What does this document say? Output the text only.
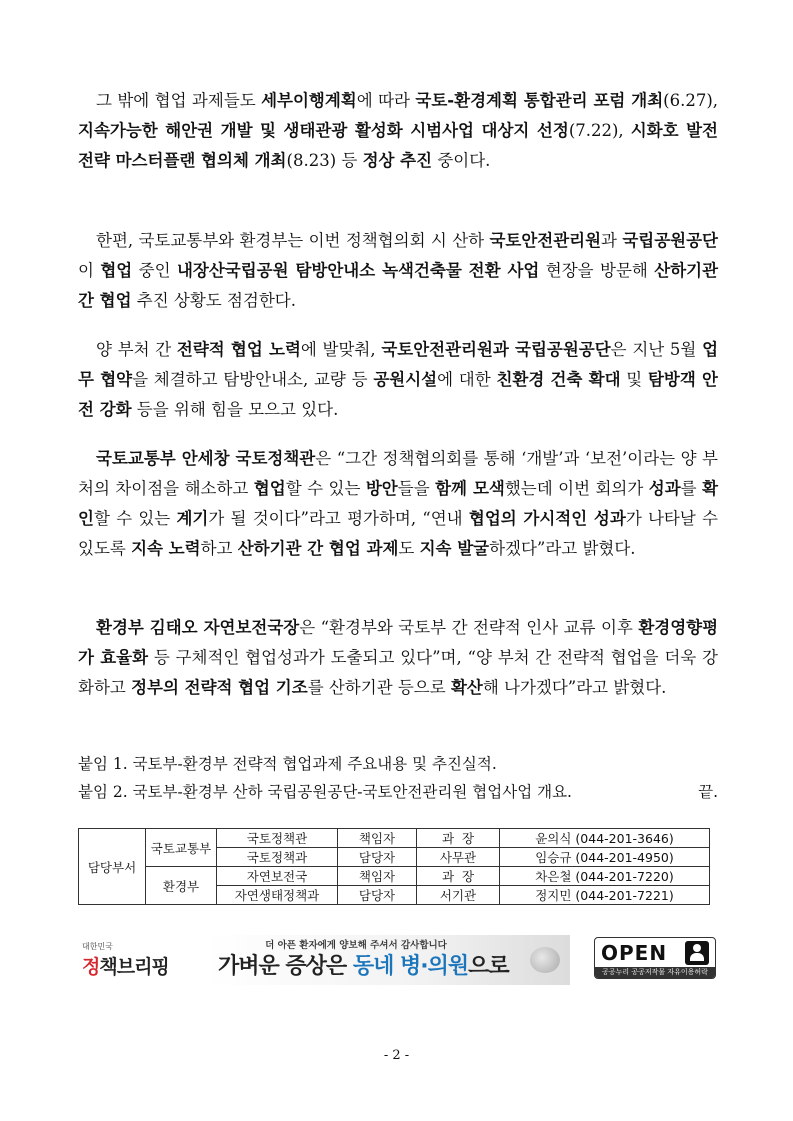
그 밖에 협업 과제들도 세부이행계획에 따라 국토-환경계획 통합관리 포럼 개최(6.27), 지속가능한 해안권 개발 및 생태관광 활성화 시범사업 대상지 선정(7.22), 시화호 발전 전략 마스터플랜 협의체 개최(8.23) 등 정상 추진 중이다.
한편, 국토교통부와 환경부는 이번 정책협의회 시 산하 국토안전관리원과 국립공원공단이 협업 중인 내장산국립공원 탐방안내소 녹색건축물 전환 사업 현장을 방문해 산하기관 간 협업 추진 상황도 점검한다.
양 부처 간 전략적 협업 노력에 발맞춰, 국토안전관리원과 국립공원공단은 지난 5월 업무 협약을 체결하고 탐방안내소, 교량 등 공원시설에 대한 친환경 건축 확대 및 탐방객 안전 강화 등을 위해 힘을 모으고 있다.
국토교통부 안세창 국토정책관은 “그간 정책협의회를 통해 ‘개발’과 ‘보전’이라는 양 부처의 차이점을 해소하고 협업할 수 있는 방안들을 함께 모색했는데 이번 회의가 성과를 확인할 수 있는 계기가 될 것이다”라고 평가하며, “연내 협업의 가시적인 성과가 나타날 수 있도록 지속 노력하고 산하기관 간 협업 과제도 지속 발굴하겠다”라고 밝혔다.
환경부 김태오 자연보전국장은 “환경부와 국토부 간 전략적 인사 교류 이후 환경영향평가 효율화 등 구체적인 협업성과가 도출되고 있다”며, “양 부처 간 전략적 협업을 더욱 강화하고 정부의 전략적 협업 기조를 산하기관 등으로 확산해 나가겠다”라고 밝혔다.
붙임 1. 국토부-환경부 전략적 협업과제 주요내용 및 추진실적.
붙임 2. 국토부-환경부 산하 국립공원공단-국토안전관리원 협업사업 개요.	끝.
담당부서	국토교통부	국토정책관	책임자	과  장	윤의식 (044-201-3646)
		국토정책과	담당자	사무관	임승규 (044-201-4950)
	환경부	자연보전국	책임자	과  장	차은철 (044-201-7220)
		자연생태정책과	담당자	서기관	정지민 (044-201-7221)
대한민국
정책브리핑
더 아픈 환자에게 양보해 주셔서 감사합니다
가벼운 증상은 동네 병·의원으로
OPEN
공공누리 공공저작물 자유이용허락
- 2 -
